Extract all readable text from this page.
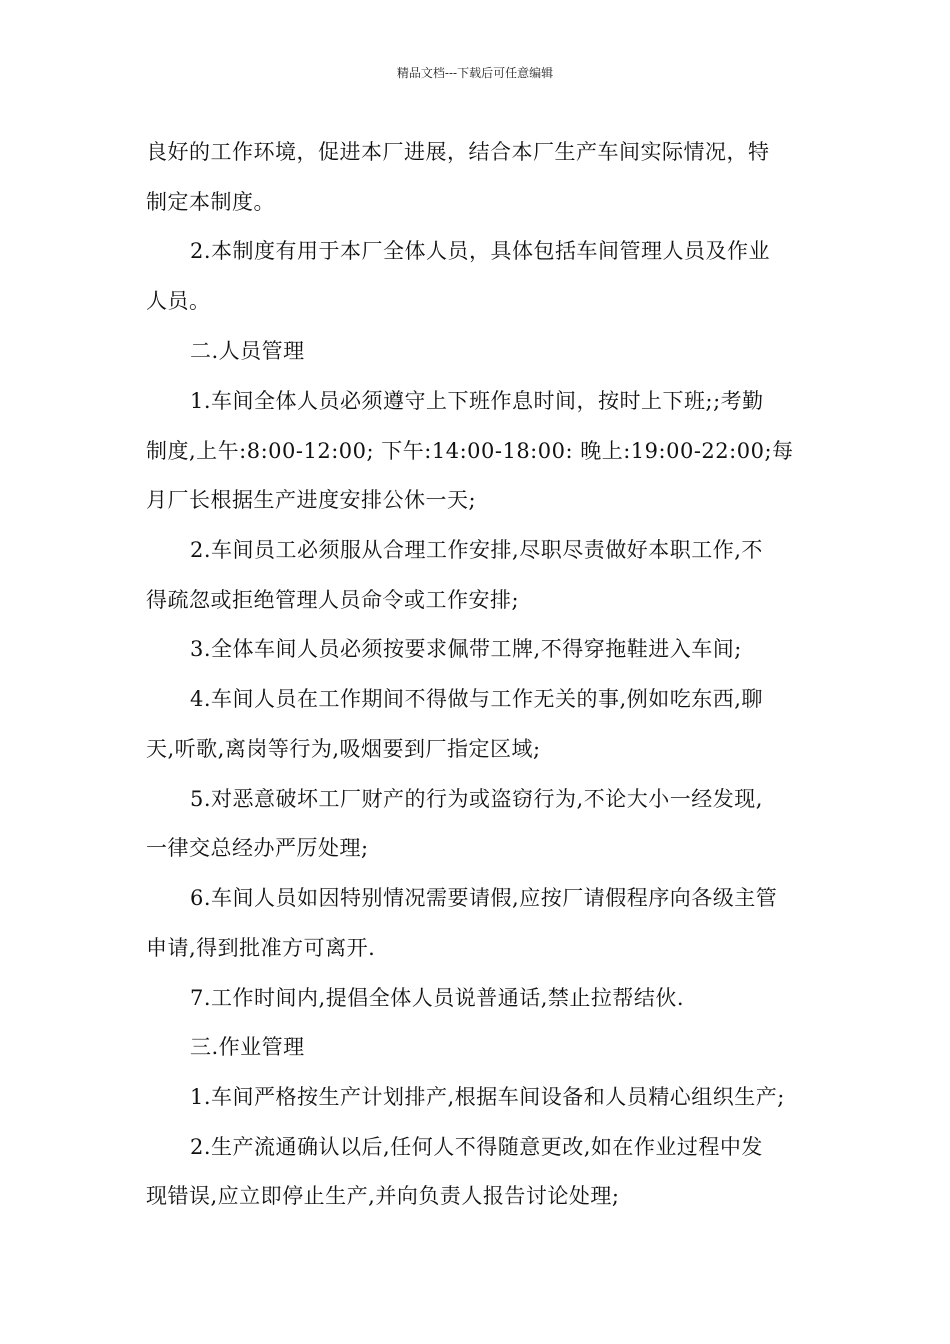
精品文档---下载后可任意编辑
良好的工作环境，促进本厂进展，结合本厂生产车间实际情况，特
制定本制度。
2.本制度有用于本厂全体人员，具体包括车间管理人员及作业
人员。
二.人员管理
1.车间全体人员必须遵守上下班作息时间，按时上下班;;考勤
制度,上午:8:00-12:00; 下午:14:00-18:00: 晚上:19:00-22:00;每
月厂长根据生产进度安排公休一天;
2.车间员工必须服从合理工作安排,尽职尽责做好本职工作,不
得疏忽或拒绝管理人员命令或工作安排;
3.全体车间人员必须按要求佩带工牌,不得穿拖鞋进入车间;
4.车间人员在工作期间不得做与工作无关的事,例如吃东西,聊
天,听歌,离岗等行为,吸烟要到厂指定区域;
5.对恶意破坏工厂财产的行为或盗窃行为,不论大小一经发现,
一律交总经办严厉处理;
6.车间人员如因特别情况需要请假,应按厂请假程序向各级主管
申请,得到批准方可离开.
7.工作时间内,提倡全体人员说普通话,禁止拉帮结伙.
三.作业管理
1.车间严格按生产计划排产,根据车间设备和人员精心组织生产;
2.生产流通确认以后,任何人不得随意更改,如在作业过程中发
现错误,应立即停止生产,并向负责人报告讨论处理;
